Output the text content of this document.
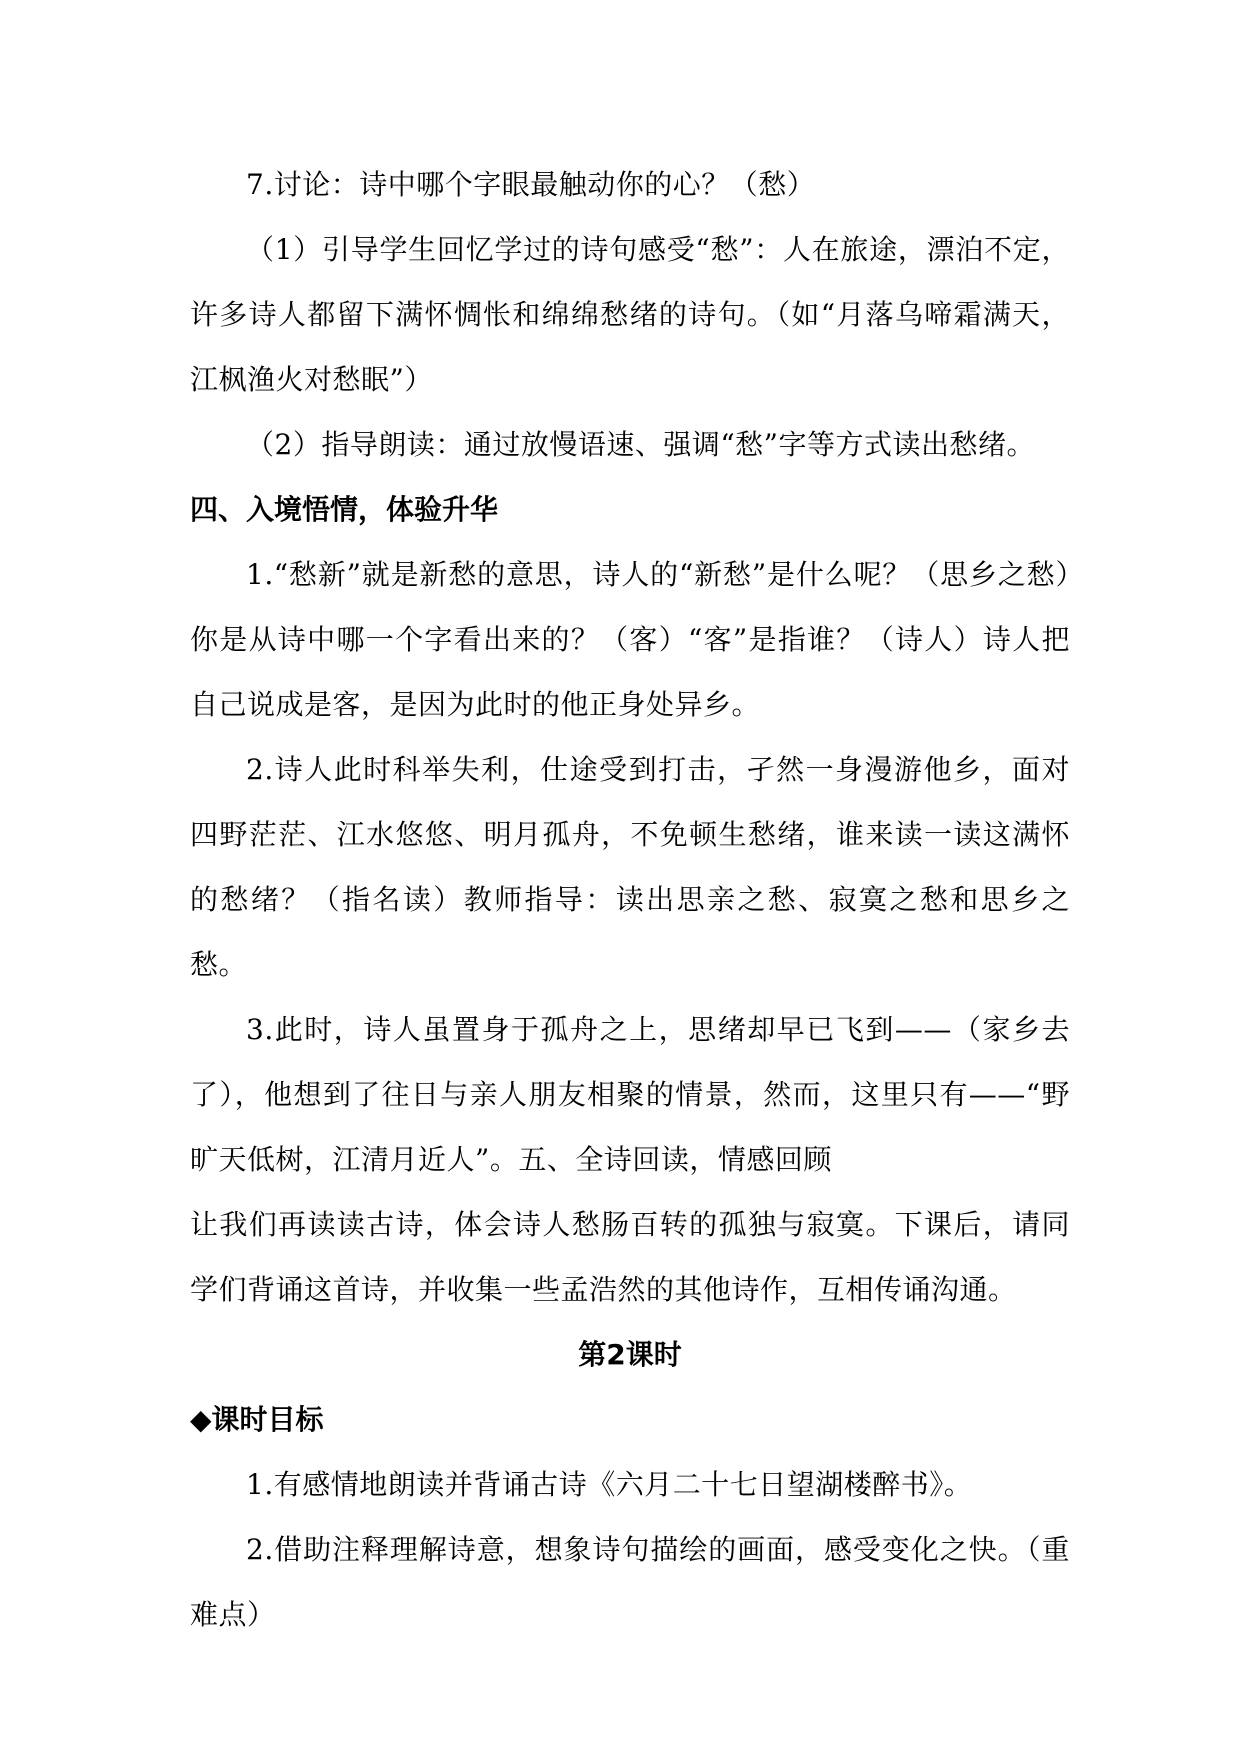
7.讨论：诗中哪个字眼最触动你的心？（愁）

（1）引导学生回忆学过的诗句感受“愁”：人在旅途，漂泊不定，许多诗人都留下满怀惆怅和绵绵愁绪的诗句。（如“月落乌啼霜满天，江枫渔火对愁眠”）

（2）指导朗读：通过放慢语速、强调“愁”字等方式读出愁绪。

四、入境悟情，体验升华

1.“愁新”就是新愁的意思，诗人的“新愁”是什么呢？（思乡之愁）你是从诗中哪一个字看出来的？（客）“客”是指谁？（诗人）诗人把自己说成是客，是因为此时的他正身处异乡。

2.诗人此时科举失利，仕途受到打击，孑然一身漫游他乡，面对四野茫茫、江水悠悠、明月孤舟，不免顿生愁绪，谁来读一读这满怀的愁绪？（指名读）教师指导：读出思亲之愁、寂寞之愁和思乡之愁。

3.此时，诗人虽置身于孤舟之上，思绪却早已飞到——（家乡去了），他想到了往日与亲人朋友相聚的情景，然而，这里只有——“野旷天低树，江清月近人”。五、全诗回读，情感回顾

让我们再读读古诗，体会诗人愁肠百转的孤独与寂寞。下课后，请同学们背诵这首诗，并收集一些孟浩然的其他诗作，互相传诵沟通。

第2课时

◆课时目标

1.有感情地朗读并背诵古诗《六月二十七日望湖楼醉书》。

2.借助注释理解诗意，想象诗句描绘的画面，感受变化之快。（重难点）
